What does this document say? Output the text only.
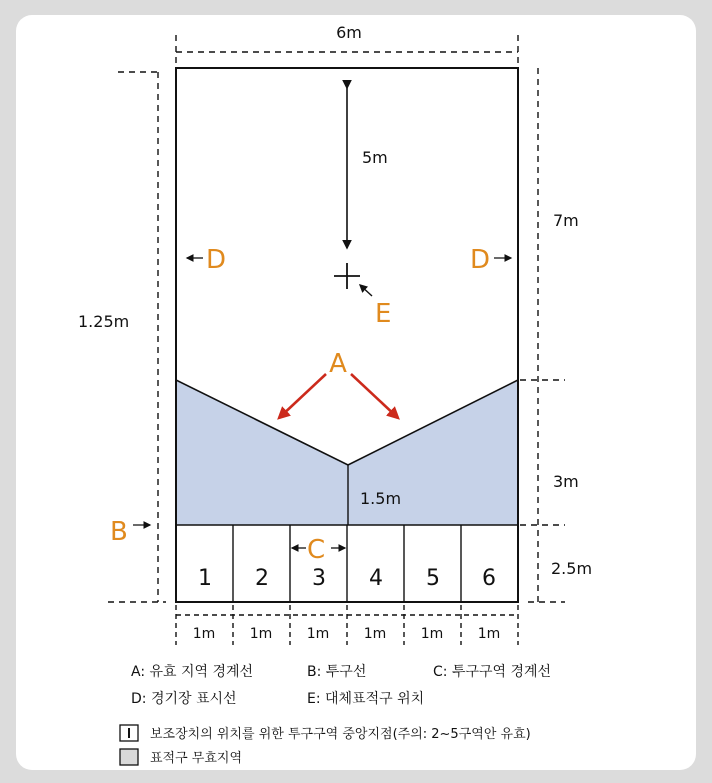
6m
5m
E
D	D
A
1.5m
B
C
1 2 3 4 5 6
1.25m
7m
3m
2.5m
1m 1m 1m 1m 1m 1m
A: 유효 지역 경계선	B: 투구선	C: 투구구역 경계선
D: 경기장 표시선	E: 대체표적구 위치
보조장치의 위치를 위한 투구구역 중앙지점(주의: 2~5구역안 유효)
표적구 무효지역
